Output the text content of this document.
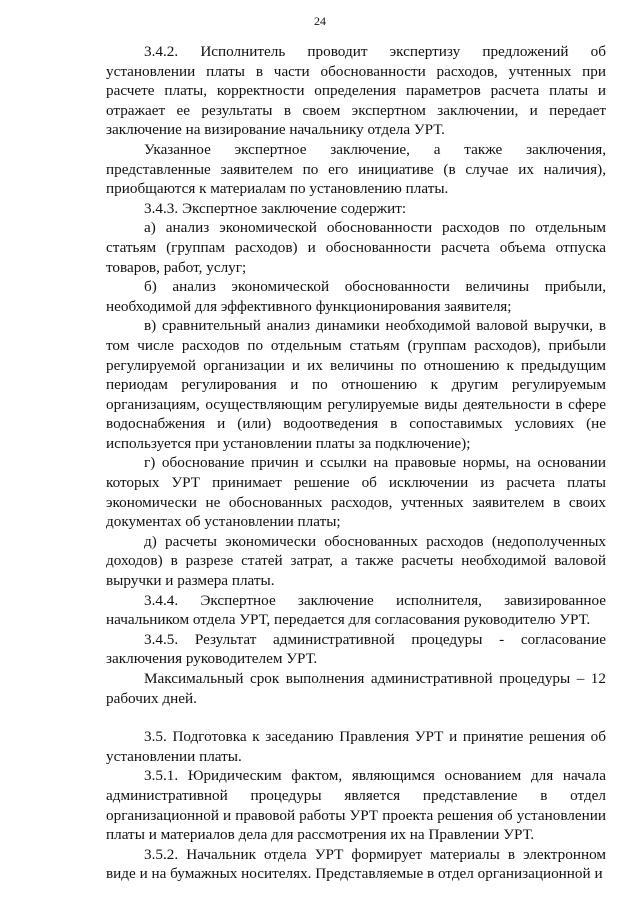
24

3.4.2. Исполнитель проводит экспертизу предложений об установлении платы в части обоснованности расходов, учтенных при расчете платы, корректности определения параметров расчета платы и отражает ее результаты в своем экспертном заключении, и передает заключение на визирование начальнику отдела УРТ.

Указанное экспертное заключение, а также заключения, представленные заявителем по его инициативе (в случае их наличия), приобщаются к материалам по установлению платы.

3.4.3. Экспертное заключение содержит:

а) анализ экономической обоснованности расходов по отдельным статьям (группам расходов) и обоснованности расчета объема отпуска товаров, работ, услуг;

б) анализ экономической обоснованности величины прибыли, необходимой для эффективного функционирования заявителя;

в) сравнительный анализ динамики необходимой валовой выручки, в том числе расходов по отдельным статьям (группам расходов), прибыли регулируемой организации и их величины по отношению к предыдущим периодам регулирования и по отношению к другим регулируемым организациям, осуществляющим регулируемые виды деятельности в сфере водоснабжения и (или) водоотведения в сопоставимых условиях (не используется при установлении платы за подключение);

г) обоснование причин и ссылки на правовые нормы, на основании которых УРТ принимает решение об исключении из расчета платы экономически не обоснованных расходов, учтенных заявителем в своих документах об установлении платы;

д) расчеты экономически обоснованных расходов (недополученных доходов) в разрезе статей затрат, а также расчеты необходимой валовой выручки и размера платы.

3.4.4. Экспертное заключение исполнителя, завизированное начальником отдела УРТ, передается для согласования руководителю УРТ.

3.4.5. Результат административной процедуры - согласование заключения руководителем УРТ.

Максимальный срок выполнения административной процедуры – 12 рабочих дней.

3.5. Подготовка к заседанию Правления УРТ и принятие решения об установлении платы.

3.5.1. Юридическим фактом, являющимся основанием для начала административной процедуры является представление в отдел организационной и правовой работы УРТ проекта решения об установлении платы и материалов дела для рассмотрения их на Правлении УРТ.

3.5.2. Начальник отдела УРТ формирует материалы в электронном виде и на бумажных носителях. Представляемые в отдел организационной и
